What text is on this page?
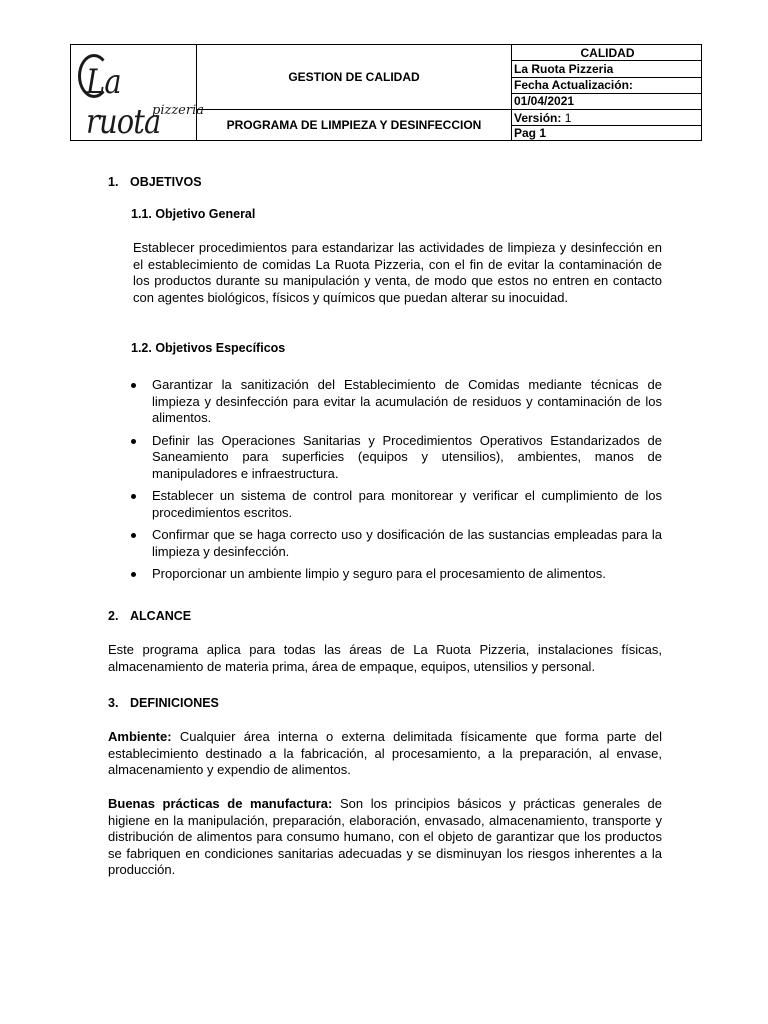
La ruota
pizzeria	GESTION DE CALIDAD	CALIDAD
		La Ruota Pizzeria
		Fecha Actualización:
		01/04/2021
	PROGRAMA DE LIMPIEZA Y DESINFECCION	Versión: 1
		Pag 1
1. OBJETIVOS
1.1. Objetivo General
Establecer procedimientos para estandarizar las actividades de limpieza y desinfección en el establecimiento de comidas La Ruota Pizzeria, con el fin de evitar la contaminación de los productos durante su manipulación y venta, de modo que estos no entren en contacto con agentes biológicos, físicos y químicos que puedan alterar su inocuidad.
1.2. Objetivos Específicos
Garantizar la sanitización del Establecimiento de Comidas mediante técnicas de limpieza y desinfección para evitar la acumulación de residuos y contaminación de los alimentos.
Definir las Operaciones Sanitarias y Procedimientos Operativos Estandarizados de Saneamiento para superficies (equipos y utensilios), ambientes, manos de manipuladores e infraestructura.
Establecer un sistema de control para monitorear y verificar el cumplimiento de los procedimientos escritos.
Confirmar que se haga correcto uso y dosificación de las sustancias empleadas para la limpieza y desinfección.
Proporcionar un ambiente limpio y seguro para el procesamiento de alimentos.
2. ALCANCE
Este programa aplica para todas las áreas de La Ruota Pizzeria, instalaciones físicas, almacenamiento de materia prima, área de empaque, equipos, utensilios y personal.
3. DEFINICIONES
Ambiente: Cualquier área interna o externa delimitada físicamente que forma parte del establecimiento destinado a la fabricación, al procesamiento, a la preparación, al envase, almacenamiento y expendio de alimentos.
Buenas prácticas de manufactura: Son los principios básicos y prácticas generales de higiene en la manipulación, preparación, elaboración, envasado, almacenamiento, transporte y distribución de alimentos para consumo humano, con el objeto de garantizar que los productos se fabriquen en condiciones sanitarias adecuadas y se disminuyan los riesgos inherentes a la producción.
